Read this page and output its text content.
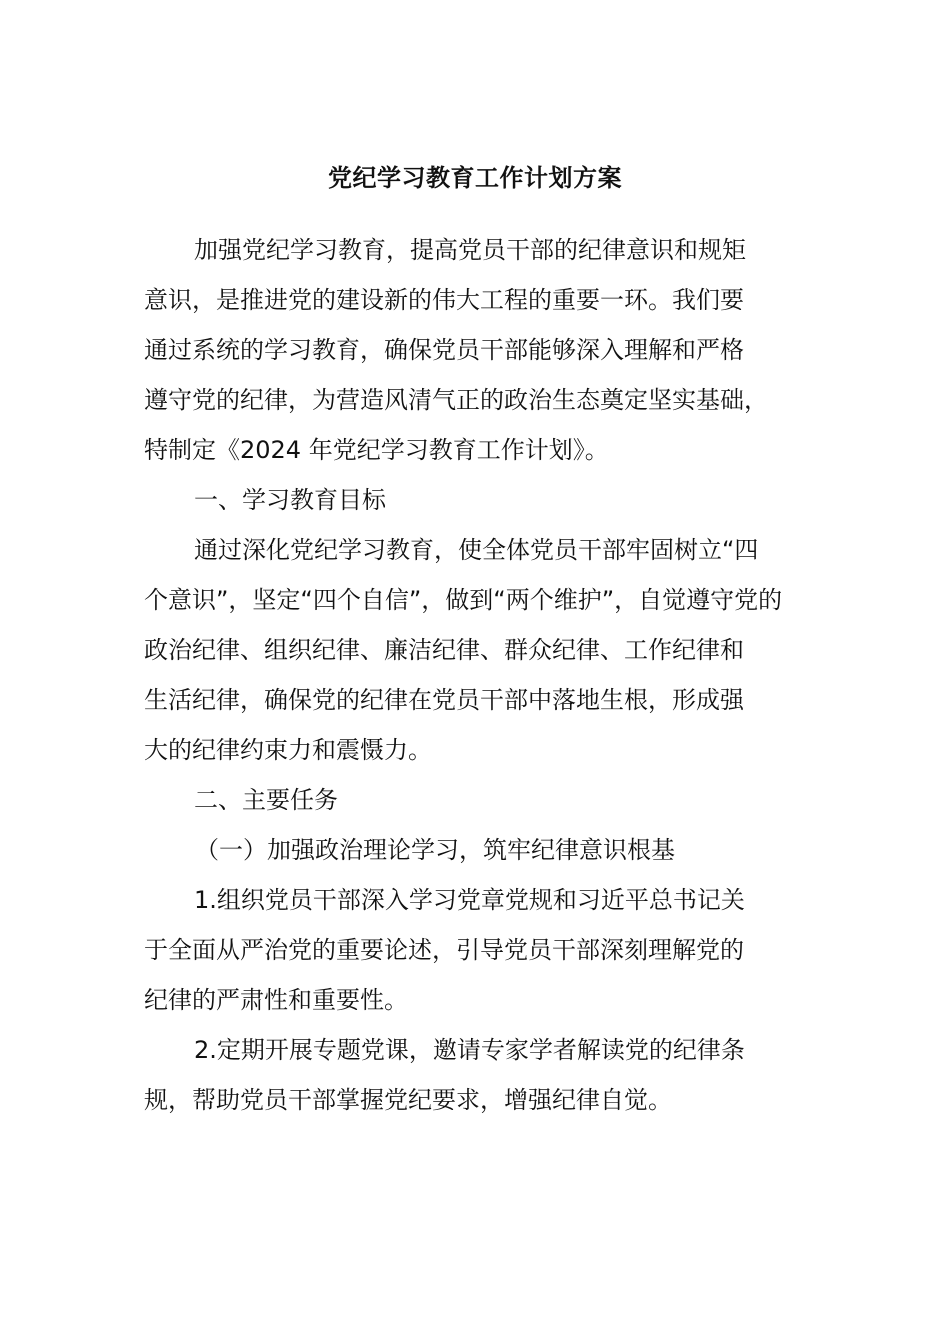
党纪学习教育工作计划方案
加强党纪学习教育，提高党员干部的纪律意识和规矩
意识，是推进党的建设新的伟大工程的重要一环。我们要
通过系统的学习教育，确保党员干部能够深入理解和严格
遵守党的纪律，为营造风清气正的政治生态奠定坚实基础，
特制定《2024 年党纪学习教育工作计划》。
一、学习教育目标
通过深化党纪学习教育，使全体党员干部牢固树立“四
个意识”，坚定“四个自信”，做到“两个维护”，自觉遵守党的
政治纪律、组织纪律、廉洁纪律、群众纪律、工作纪律和
生活纪律，确保党的纪律在党员干部中落地生根，形成强
大的纪律约束力和震慑力。
二、主要任务
（一）加强政治理论学习，筑牢纪律意识根基
1.组织党员干部深入学习党章党规和习近平总书记关
于全面从严治党的重要论述，引导党员干部深刻理解党的
纪律的严肃性和重要性。
2.定期开展专题党课，邀请专家学者解读党的纪律条
规，帮助党员干部掌握党纪要求，增强纪律自觉。
